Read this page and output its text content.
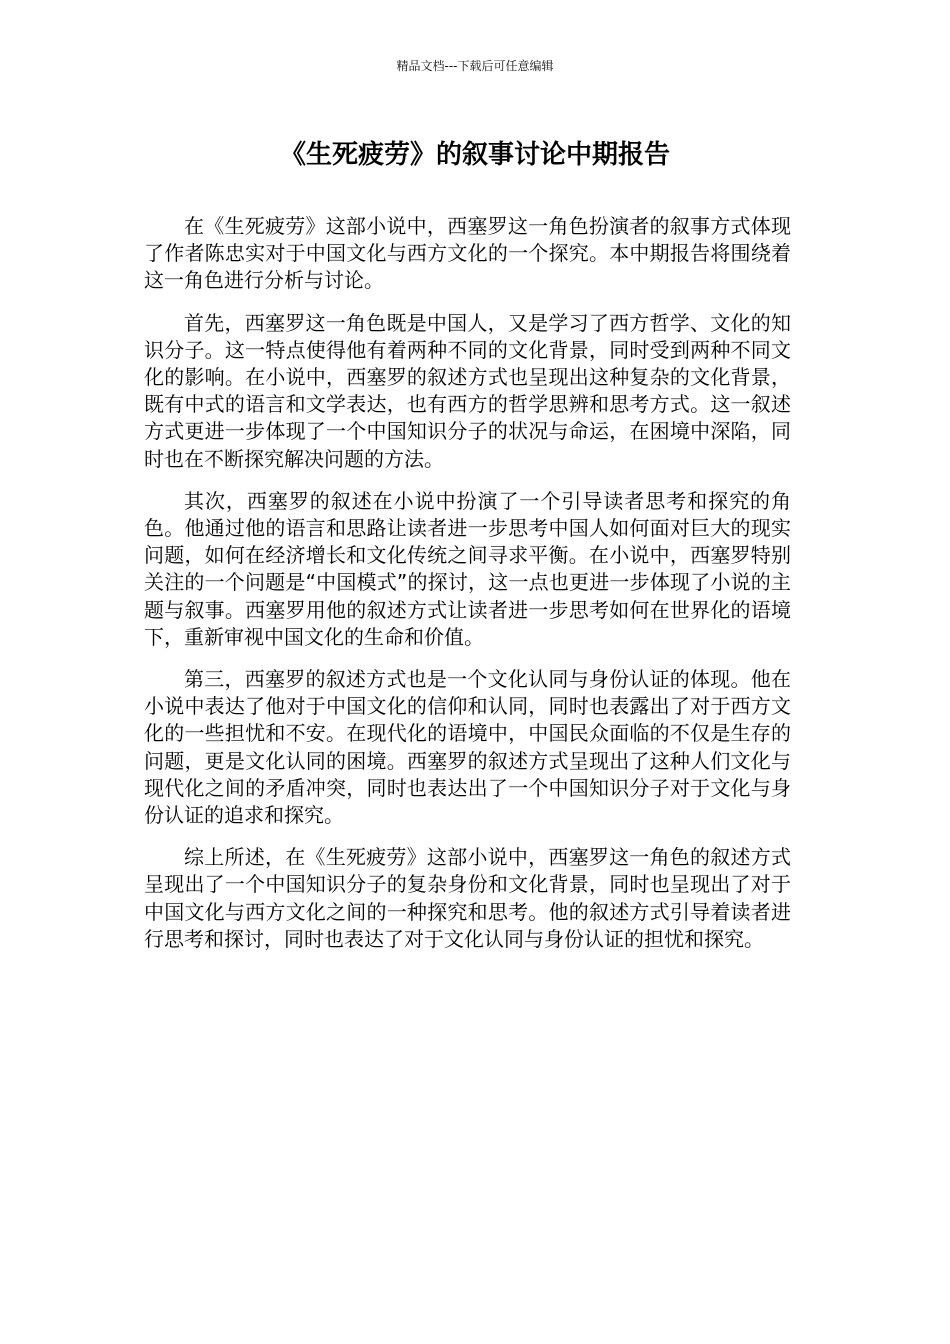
精品文档---下载后可任意编辑
《生死疲劳》的叙事讨论中期报告

在《生死疲劳》这部小说中，西塞罗这一角色扮演者的叙事方式体现了作者陈忠实对于中国文化与西方文化的一个探究。本中期报告将围绕着这一角色进行分析与讨论。

首先，西塞罗这一角色既是中国人，又是学习了西方哲学、文化的知识分子。这一特点使得他有着两种不同的文化背景，同时受到两种不同文化的影响。在小说中，西塞罗的叙述方式也呈现出这种复杂的文化背景，既有中式的语言和文学表达，也有西方的哲学思辨和思考方式。这一叙述方式更进一步体现了一个中国知识分子的状况与命运，在困境中深陷，同时也在不断探究解决问题的方法。

其次，西塞罗的叙述在小说中扮演了一个引导读者思考和探究的角色。他通过他的语言和思路让读者进一步思考中国人如何面对巨大的现实问题，如何在经济增长和文化传统之间寻求平衡。在小说中，西塞罗特别关注的一个问题是“中国模式”的探讨，这一点也更进一步体现了小说的主题与叙事。西塞罗用他的叙述方式让读者进一步思考如何在世界化的语境下，重新审视中国文化的生命和价值。

第三，西塞罗的叙述方式也是一个文化认同与身份认证的体现。他在小说中表达了他对于中国文化的信仰和认同，同时也表露出了对于西方文化的一些担忧和不安。在现代化的语境中，中国民众面临的不仅是生存的问题，更是文化认同的困境。西塞罗的叙述方式呈现出了这种人们文化与现代化之间的矛盾冲突，同时也表达出了一个中国知识分子对于文化与身份认证的追求和探究。

综上所述，在《生死疲劳》这部小说中，西塞罗这一角色的叙述方式呈现出了一个中国知识分子的复杂身份和文化背景，同时也呈现出了对于中国文化与西方文化之间的一种探究和思考。他的叙述方式引导着读者进行思考和探讨，同时也表达了对于文化认同与身份认证的担忧和探究。
